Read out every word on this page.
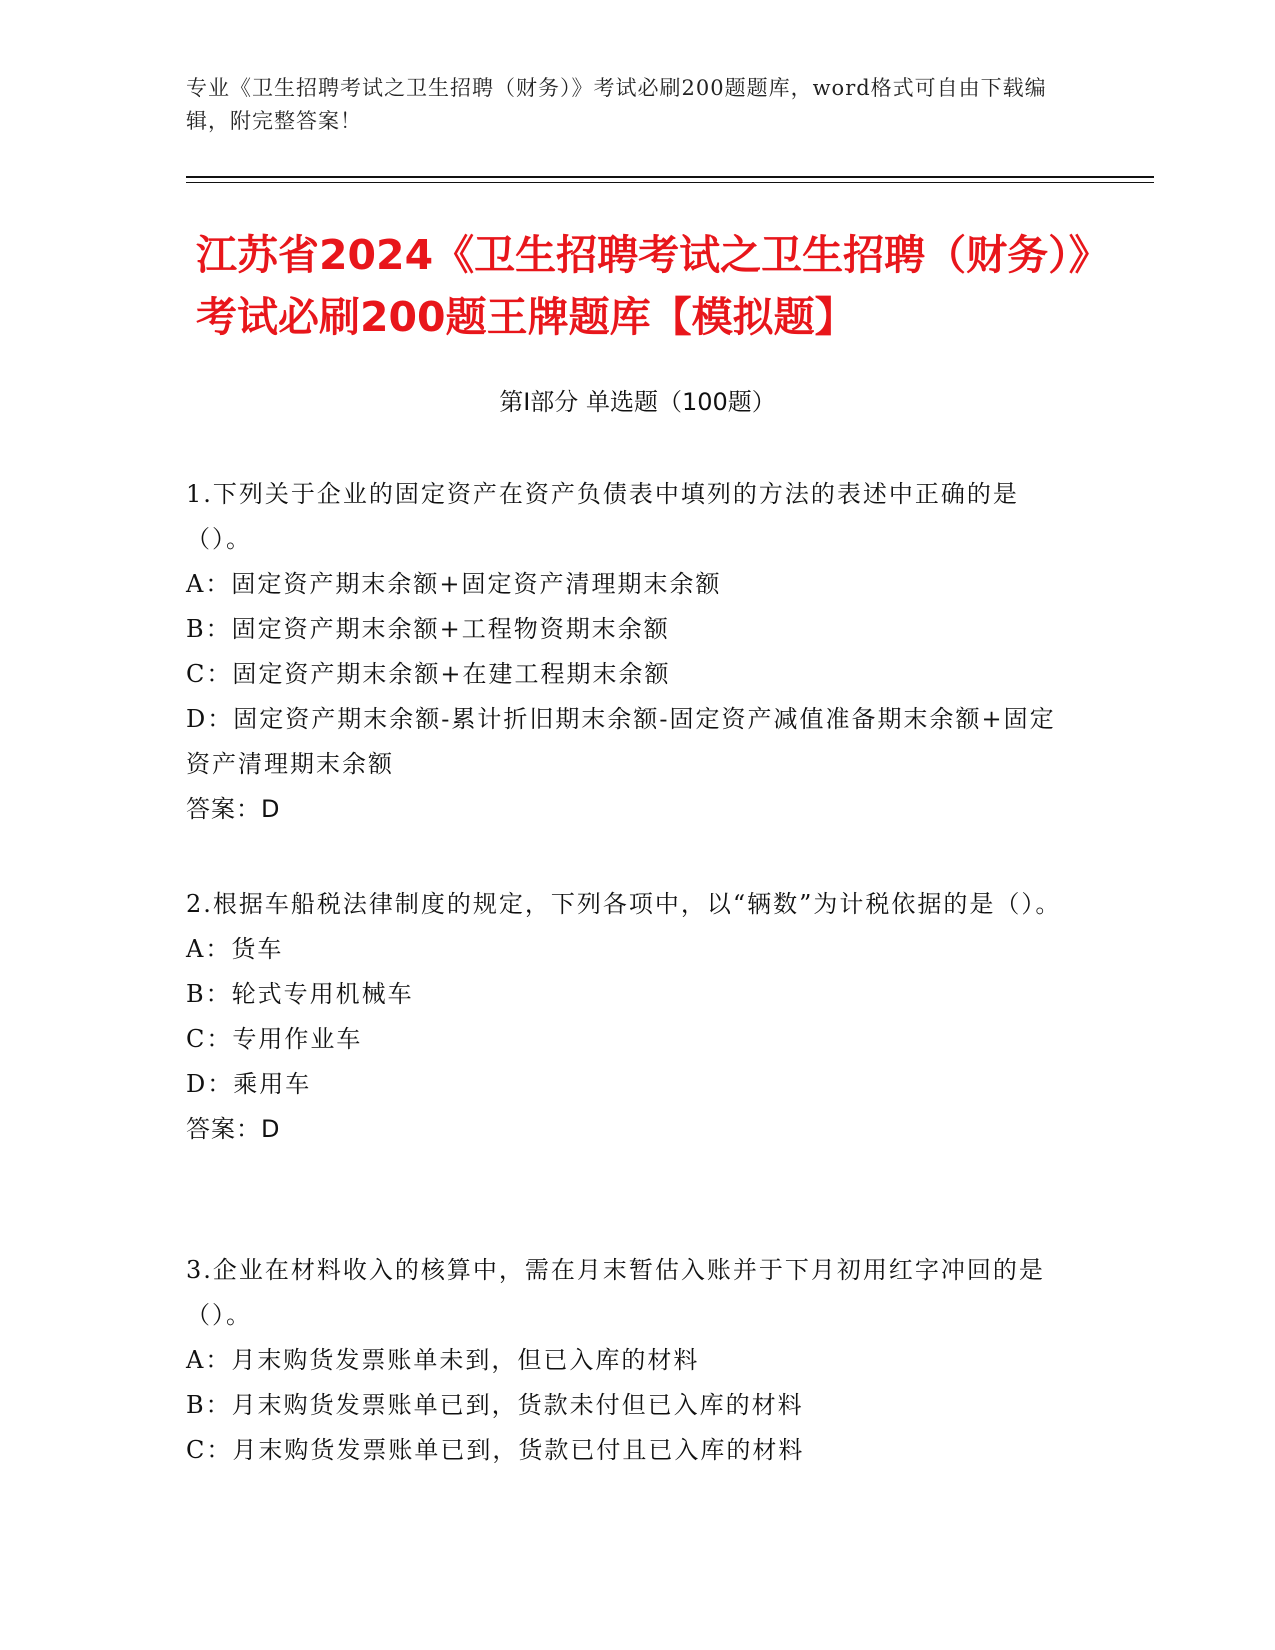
专业《卫生招聘考试之卫生招聘（财务）》考试必刷200题题库，word格式可自由下载编辑，附完整答案！
江苏省2024《卫生招聘考试之卫生招聘（财务）》考试必刷200题王牌题库【模拟题】
第I部分 单选题（100题）

1.下列关于企业的固定资产在资产负债表中填列的方法的表述中正确的是（）。

A：固定资产期末余额+固定资产清理期末余额

B：固定资产期末余额+工程物资期末余额

C：固定资产期末余额+在建工程期末余额

D：固定资产期末余额-累计折旧期末余额-固定资产减值准备期末余额+固定资产清理期末余额

答案：D

2.根据车船税法律制度的规定，下列各项中，以“辆数”为计税依据的是（）。

A：货车

B：轮式专用机械车

C：专用作业车

D：乘用车

答案：D

3.企业在材料收入的核算中，需在月末暂估入账并于下月初用红字冲回的是（）。

A：月末购货发票账单未到，但已入库的材料

B：月末购货发票账单已到，货款未付但已入库的材料

C：月末购货发票账单已到，货款已付且已入库的材料
